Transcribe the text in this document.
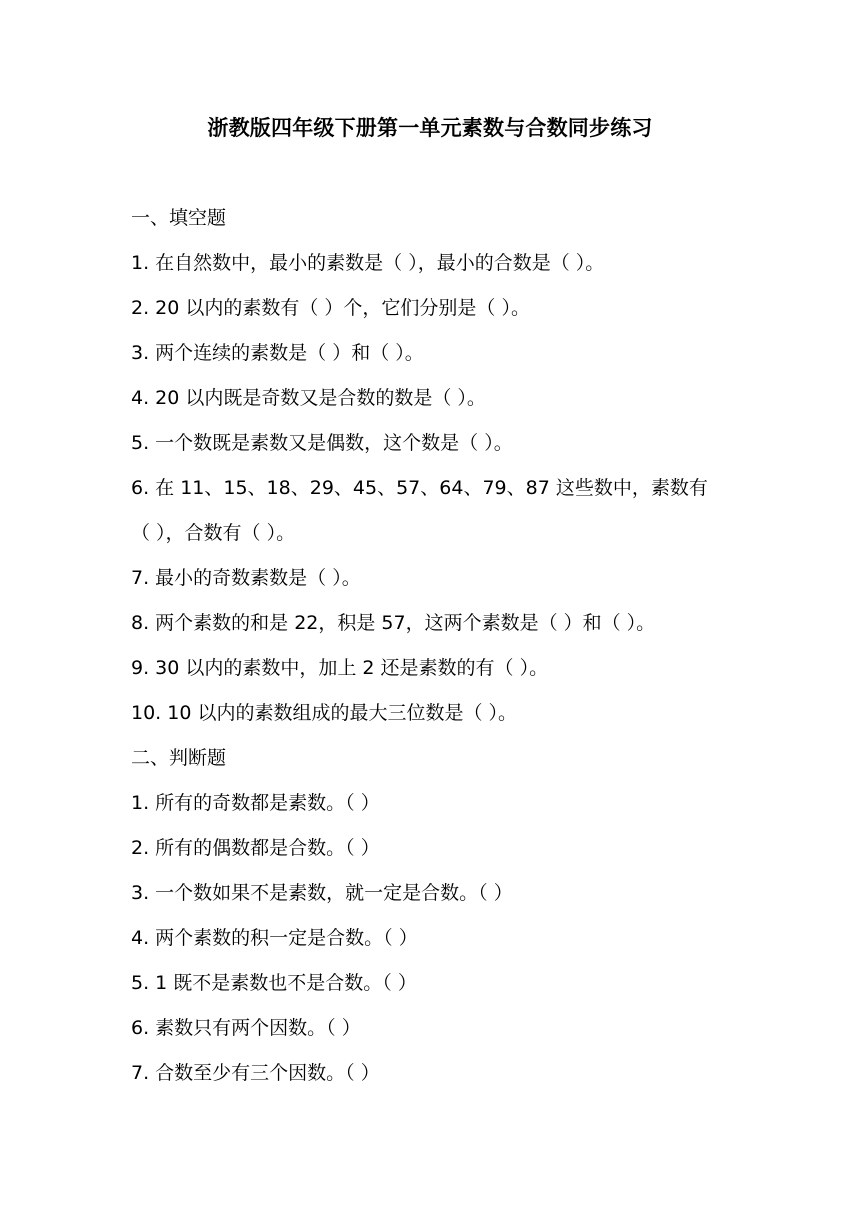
浙教版四年级下册第一单元素数与合数同步练习
一、填空题
1. 在自然数中，最小的素数是（ ），最小的合数是（ ）。
2. 20 以内的素数有（ ）个，它们分别是（ ）。
3. 两个连续的素数是（ ）和（ ）。
4. 20 以内既是奇数又是合数的数是（ ）。
5. 一个数既是素数又是偶数，这个数是（ ）。
6. 在 11、15、18、29、45、57、64、79、87 这些数中，素数有
（ ），合数有（ ）。
7. 最小的奇数素数是（ ）。
8. 两个素数的和是 22，积是 57，这两个素数是（ ）和（ ）。
9. 30 以内的素数中，加上 2 还是素数的有（ ）。
10. 10 以内的素数组成的最大三位数是（ ）。
二、判断题
1. 所有的奇数都是素数。（ ）
2. 所有的偶数都是合数。（ ）
3. 一个数如果不是素数，就一定是合数。（ ）
4. 两个素数的积一定是合数。（ ）
5. 1 既不是素数也不是合数。（ ）
6. 素数只有两个因数。（ ）
7. 合数至少有三个因数。（ ）
